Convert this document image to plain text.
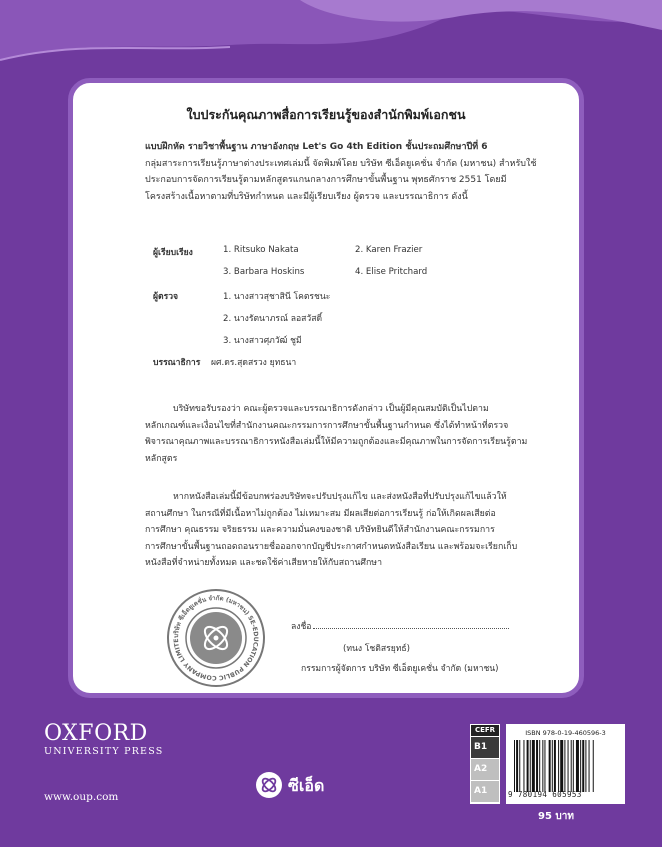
ใบประกันคุณภาพสื่อการเรียนรู้ของสำนักพิมพ์เอกชน
แบบฝึกหัด รายวิชาพื้นฐาน ภาษาอังกฤษ Let's Go 4th Edition ชั้นประถมศึกษาปีที่ 6
กลุ่มสาระการเรียนรู้ภาษาต่างประเทศเล่มนี้ จัดพิมพ์โดย บริษัท ซีเอ็ดยูเคชั่น จำกัด (มหาชน) สำหรับใช้
ประกอบการจัดการเรียนรู้ตามหลักสูตรแกนกลางการศึกษาขั้นพื้นฐาน พุทธศักราช 2551 โดยมี
โครงสร้างเนื้อหาตามที่บริษัทกำหนด และมีผู้เรียบเรียง ผู้ตรวจ และบรรณาธิการ ดังนี้
ผู้เรียบเรียง	1. Ritsuko Nakata	2. Karen Frazier
3. Barbara Hoskins	4. Elise Pritchard
ผู้ตรวจ	1. นางสาวสุชาสินี โคตรชนะ
2. นางรัตนาภรณ์ ลอสวัสดิ์
3. นางสาวศุภวัฒ์ ชูมี
บรรณาธิการ ผศ.ดร.สุดสรวง ยุทธนา
บริษัทขอรับรองว่า คณะผู้ตรวจและบรรณาธิการดังกล่าว เป็นผู้มีคุณสมบัติเป็นไปตาม
หลักเกณฑ์และเงื่อนไขที่สำนักงานคณะกรรมการการศึกษาขั้นพื้นฐานกำหนด ซึ่งได้ทำหน้าที่ตรวจ
พิจารณาคุณภาพและบรรณาธิการหนังสือเล่มนี้ให้มีความถูกต้องและมีคุณภาพในการจัดการเรียนรู้ตาม
หลักสูตร
หากหนังสือเล่มนี้มีข้อบกพร่องบริษัทจะปรับปรุงแก้ไข และส่งหนังสือที่ปรับปรุงแก้ไขแล้วให้
สถานศึกษา ในกรณีที่มีเนื้อหาไม่ถูกต้อง ไม่เหมาะสม มีผลเสียต่อการเรียนรู้ ก่อให้เกิดผลเสียต่อ
การศึกษา คุณธรรม จริยธรรม และความมั่นคงของชาติ บริษัทยินดีให้สำนักงานคณะกรรมการ
การศึกษาขั้นพื้นฐานถอดถอนรายชื่อออกจากบัญชีประกาศกำหนดหนังสือเรียน และพร้อมจะเรียกเก็บ
หนังสือที่จำหน่ายทั้งหมด และชดใช้ค่าเสียหายให้กับสถานศึกษา
บริษัท ซีเอ็ดยูเคชั่น จำกัด (มหาชน) SE-EDUCATION PUBLIC COMPANY LIMITE
ลงชื่อ
(ทนง โชติสรยุทธ์)
กรรมการผู้จัดการ บริษัท ซีเอ็ดยูเคชั่น จำกัด (มหาชน)
OXFORD
UNIVERSITY PRESS
www.oup.com
ซีเอ็ด
CEFR
B1
A2
A1
ISBN 978-0-19-460596-3
9 780194 605953
95 บาท
